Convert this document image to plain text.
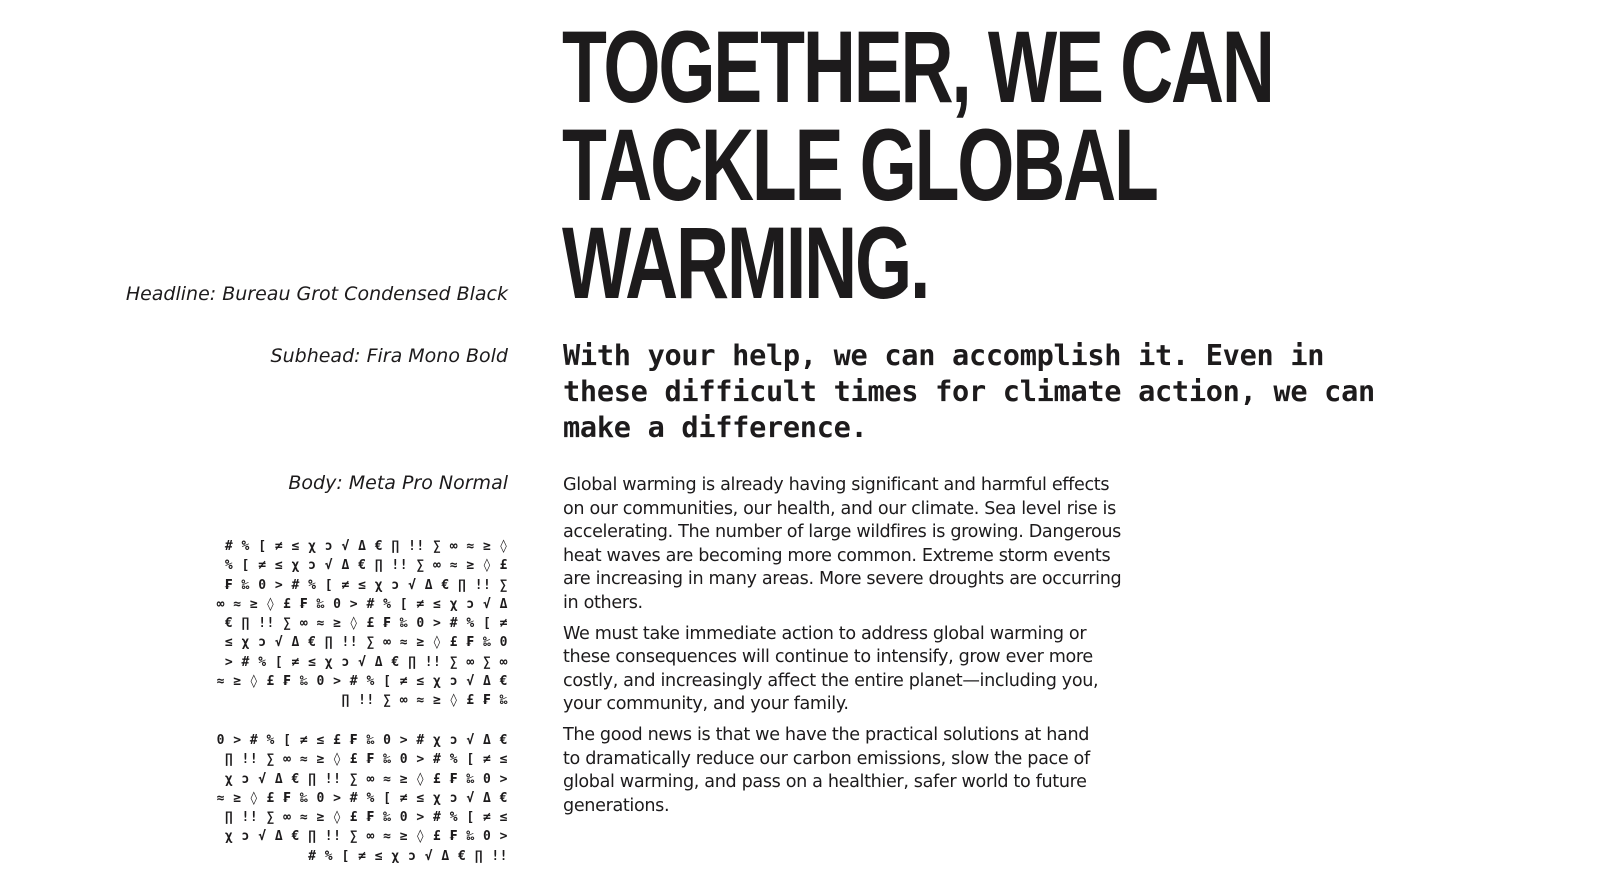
Headline: Bureau Grot Condensed Black
Subhead: Fira Mono Bold
Body: Meta Pro Normal
# % [ ≠ ≤ χ ͻ √ Δ € ∏ !! ∑ ∞ ≈ ≥ ◊
% [ ≠ ≤ χ ͻ √ Δ € ∏ !! ∑ ∞ ≈ ≥ ◊ £
₣ ‰ 0 > # % [ ≠ ≤ χ ͻ √ Δ € ∏ !! ∑
∞ ≈ ≥ ◊ £ ₣ ‰ 0 > # % [ ≠ ≤ χ ͻ √ Δ
€ ∏ !! ∑ ∞ ≈ ≥ ◊ £ ₣ ‰ 0 > # % [ ≠
≤ χ ͻ √ Δ € ∏ !! ∑ ∞ ≈ ≥ ◊ £ ₣ ‰ 0
> # % [ ≠ ≤ χ ͻ √ Δ € ∏ !! ∑ ∞ ∑ ∞
≈ ≥ ◊ £ ₣ ‰ 0 > # % [ ≠ ≤ χ ͻ √ Δ €
∏ !! ∑ ∞ ≈ ≥ ◊ £ ₣ ‰
0 > # % [ ≠ ≤ £ ₣ ‰ 0 > # χ ͻ √ Δ €
∏ !! ∑ ∞ ≈ ≥ ◊ £ ₣ ‰ 0 > # % [ ≠ ≤
χ ͻ √ Δ € ∏ !! ∑ ∞ ≈ ≥ ◊ £ ₣ ‰ 0 >
≈ ≥ ◊ £ ₣ ‰ 0 > # % [ ≠ ≤ χ ͻ √ Δ €
∏ !! ∑ ∞ ≈ ≥ ◊ £ ₣ ‰ 0 > # % [ ≠ ≤
χ ͻ √ Δ € ∏ !! ∑ ∞ ≈ ≥ ◊ £ ₣ ‰ 0 >
# % [ ≠ ≤ χ ͻ √ Δ € ∏ !!
TOGETHER, WE CAN
TACKLE GLOBAL
WARMING.
With your help, we can accomplish it. Even in
these difficult times for climate action, we can
make a difference.

Global warming is already having significant and harmful effects
on our communities, our health, and our climate. Sea level rise is
accelerating. The number of large wildfires is growing. Dangerous
heat waves are becoming more common. Extreme storm events
are increasing in many areas. More severe droughts are occurring
in others.

We must take immediate action to address global warming or
these consequences will continue to intensify, grow ever more
costly, and increasingly affect the entire planet—including you,
your community, and your family.

The good news is that we have the practical solutions at hand
to dramatically reduce our carbon emissions, slow the pace of
global warming, and pass on a healthier, safer world to future
generations.
